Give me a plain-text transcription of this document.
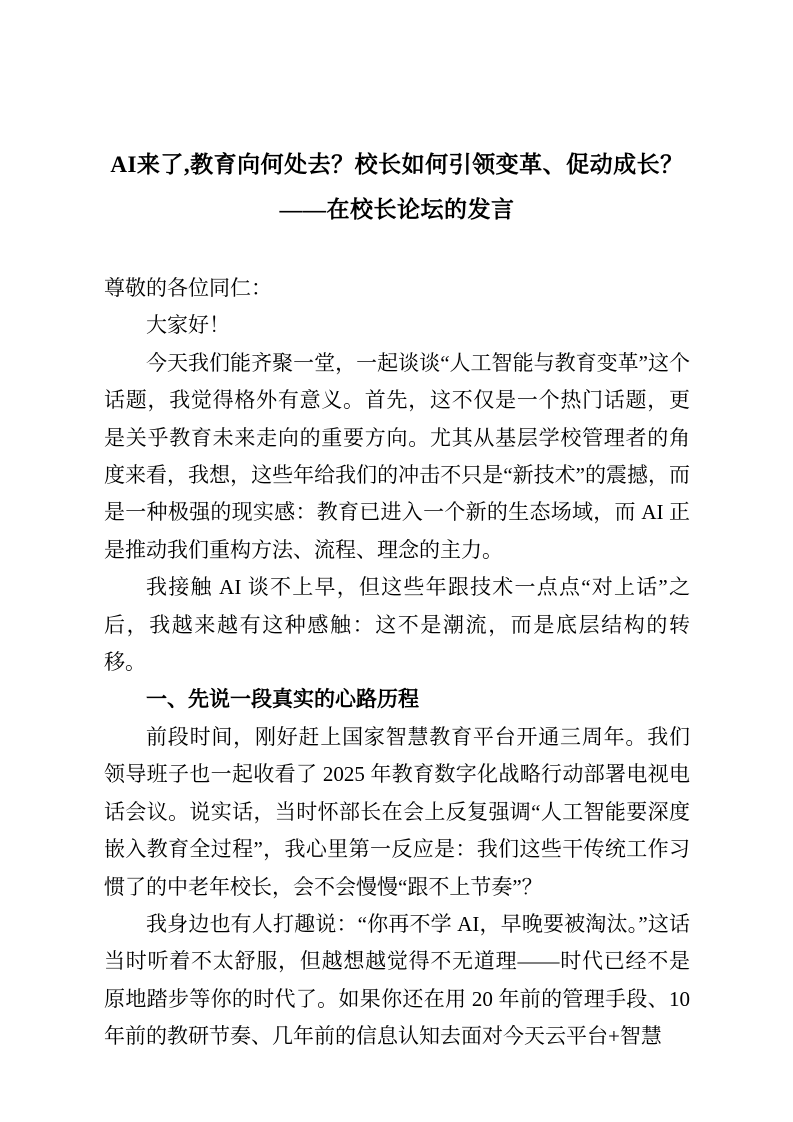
AI来了,教育向何处去？校长如何引领变革、促动成长？
——在校长论坛的发言

尊敬的各位同仁：

大家好！

今天我们能齐聚一堂，一起谈谈“人工智能与教育变革”这个话题，我觉得格外有意义。首先，这不仅是一个热门话题，更是关乎教育未来走向的重要方向。尤其从基层学校管理者的角度来看，我想，这些年给我们的冲击不只是“新技术”的震撼，而是一种极强的现实感：教育已进入一个新的生态场域，而 AI 正是推动我们重构方法、流程、理念的主力。

我接触 AI 谈不上早，但这些年跟技术一点点“对上话”之后，我越来越有这种感触：这不是潮流，而是底层结构的转移。

一、先说一段真实的心路历程

前段时间，刚好赶上国家智慧教育平台开通三周年。我们领导班子也一起收看了 2025 年教育数字化战略行动部署电视电话会议。说实话，当时怀部长在会上反复强调“人工智能要深度嵌入教育全过程”，我心里第一反应是：我们这些干传统工作习惯了的中老年校长，会不会慢慢“跟不上节奏”？

我身边也有人打趣说：“你再不学 AI，早晚要被淘汰。”这话当时听着不太舒服，但越想越觉得不无道理——时代已经不是原地踏步等你的时代了。如果你还在用 20 年前的管理手段、10 年前的教研节奏、几年前的信息认知去面对今天云平台+智慧
